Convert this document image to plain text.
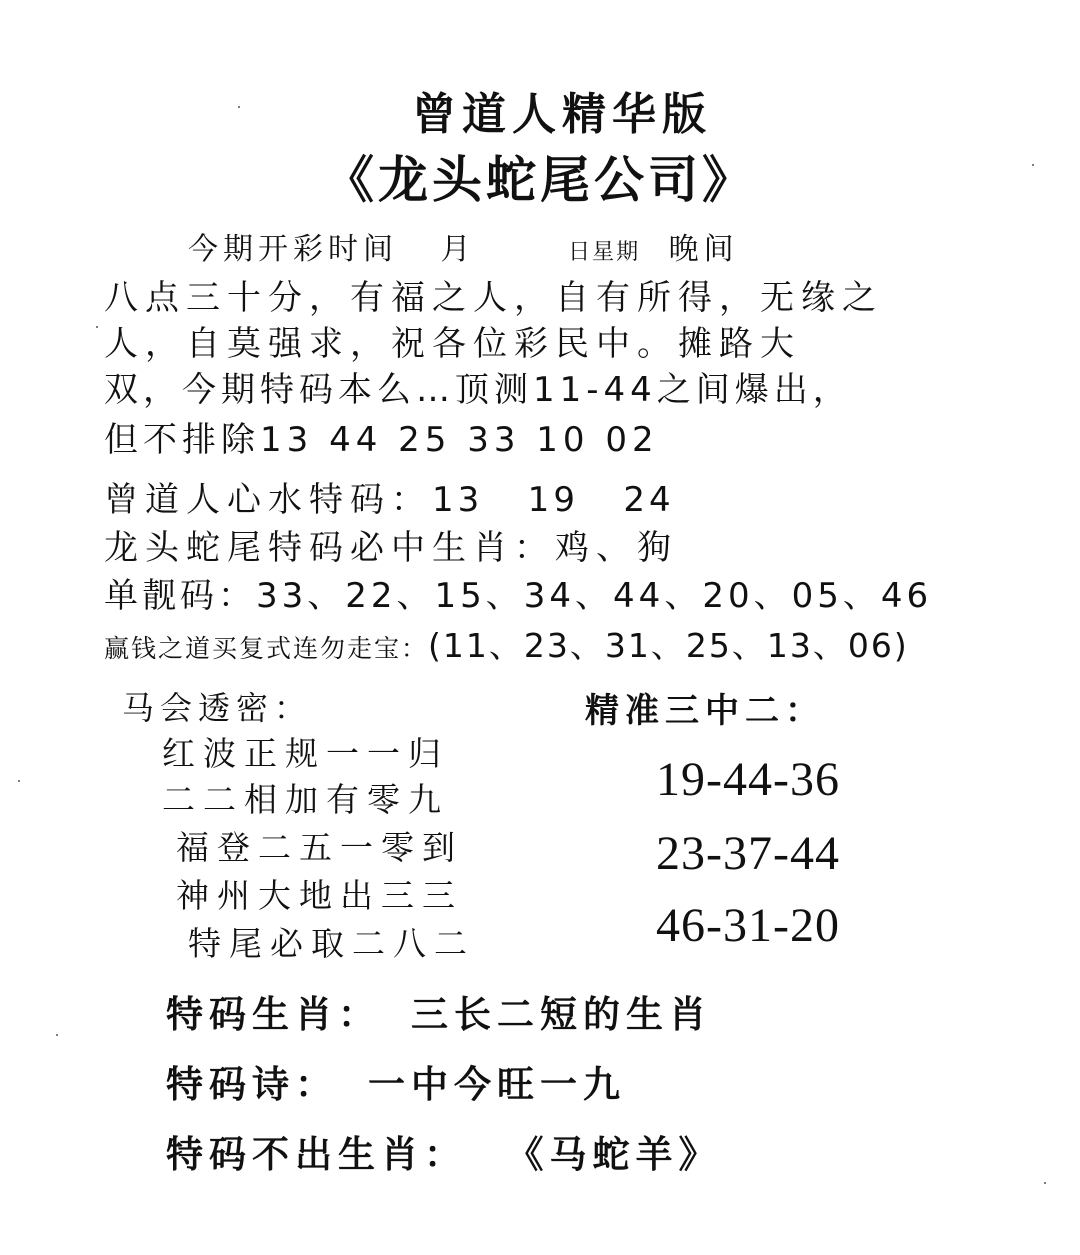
曾道人精华版
《龙头蛇尾公司》
今期开彩时间 月	日星期 晚间
八点三十分，有福之人，自有所得，无缘之
人，自莫强求，祝各位彩民中。摊路大
双，今期特码本么…顶测11-44之间爆出，
但不排除13 44 25 33 10 02
曾道人心水特码：13   19   24
龙头蛇尾特码必中生肖：鸡、狗
单靓码：33、22、15、34、44、20、05、46
赢钱之道买复式连勿走宝：(11、23、31、25、13、06)
马会透密：	精准三中二：
红波正规一一归
二二相加有零九
福登二五一零到
神州大地出三三
特尾必取二八二
19-44-36
23-37-44
46-31-20
特码生肖： 三长二短的生肖
特码诗： 一中今旺一九
特码不出生肖： 《马蛇羊》
